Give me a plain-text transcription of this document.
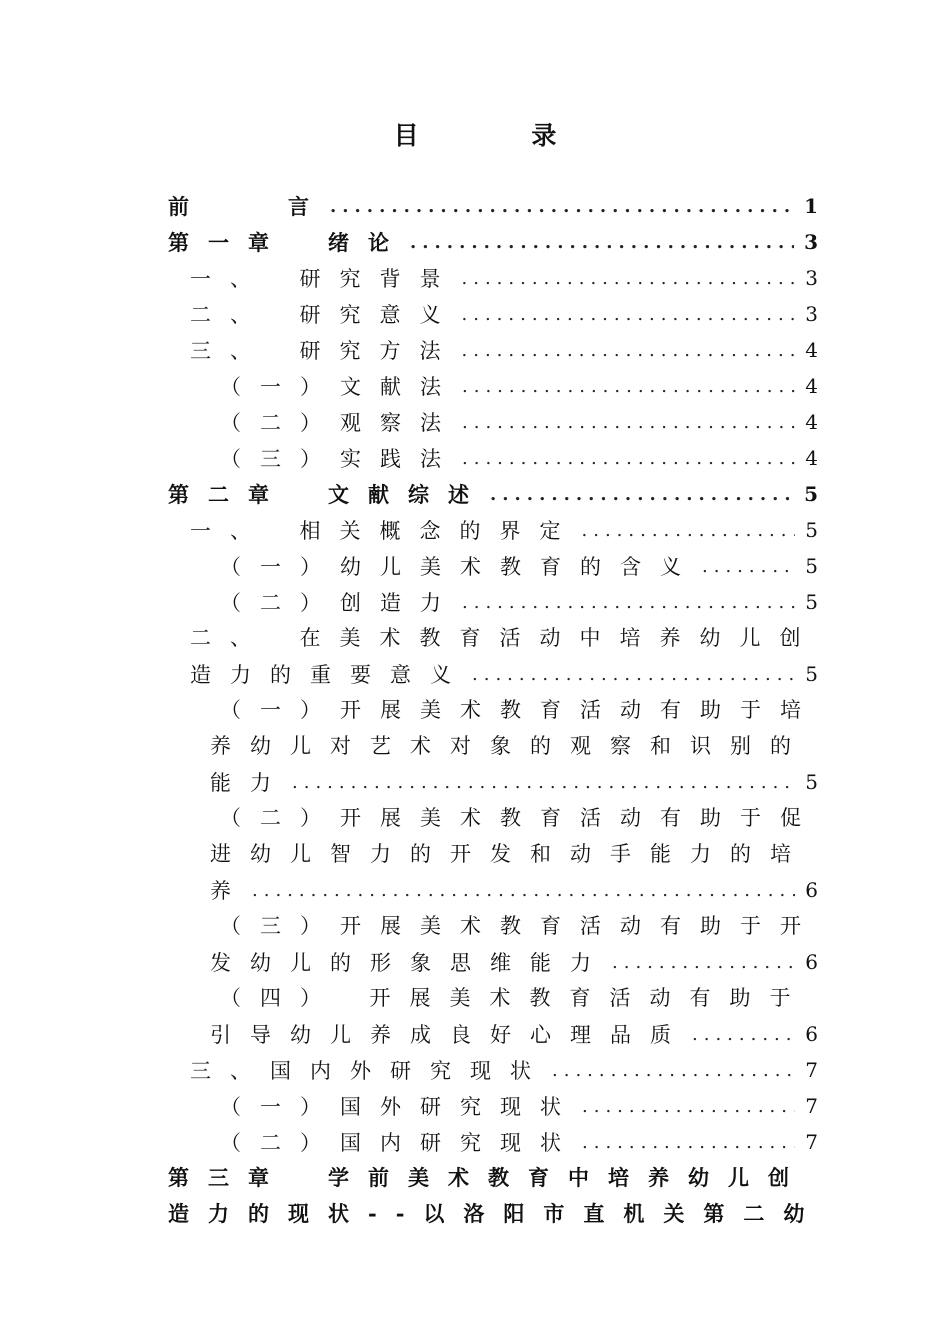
目 录
前　　言 .....	1
第一章　绪论 .....	3
一、　研究背景 .....	3
二、　研究意义 .....	3
三、　研究方法 .....	4
（一）文献法 .....	4
（二）观察法 .....	4
（三）实践法 .....	4
第二章　文献综述 .....	5
一、　相关概念的界定 .....	5
（一）幼儿美术教育的含义 .....	5
（二）创造力 .....	5
二、　在美术教育活动中培养幼儿创
造力的重要意义 .....	5
（一）开展美术教育活动有助于培
养幼儿对艺术对象的观察和识别的
能力 .....	5
（二）开展美术教育活动有助于促
进幼儿智力的开发和动手能力的培
养 .....	6
（三）开展美术教育活动有助于开
发幼儿的形象思维能力 .....	6
（四）　开展美术教育活动有助于
引导幼儿养成良好心理品质 .....	6
三、国内外研究现状 .....	7
（一）国外研究现状 .....	7
（二）国内研究现状 .....	7
第三章　学前美术教育中培养幼儿创
造力的现状--以洛阳市直机关第二幼
